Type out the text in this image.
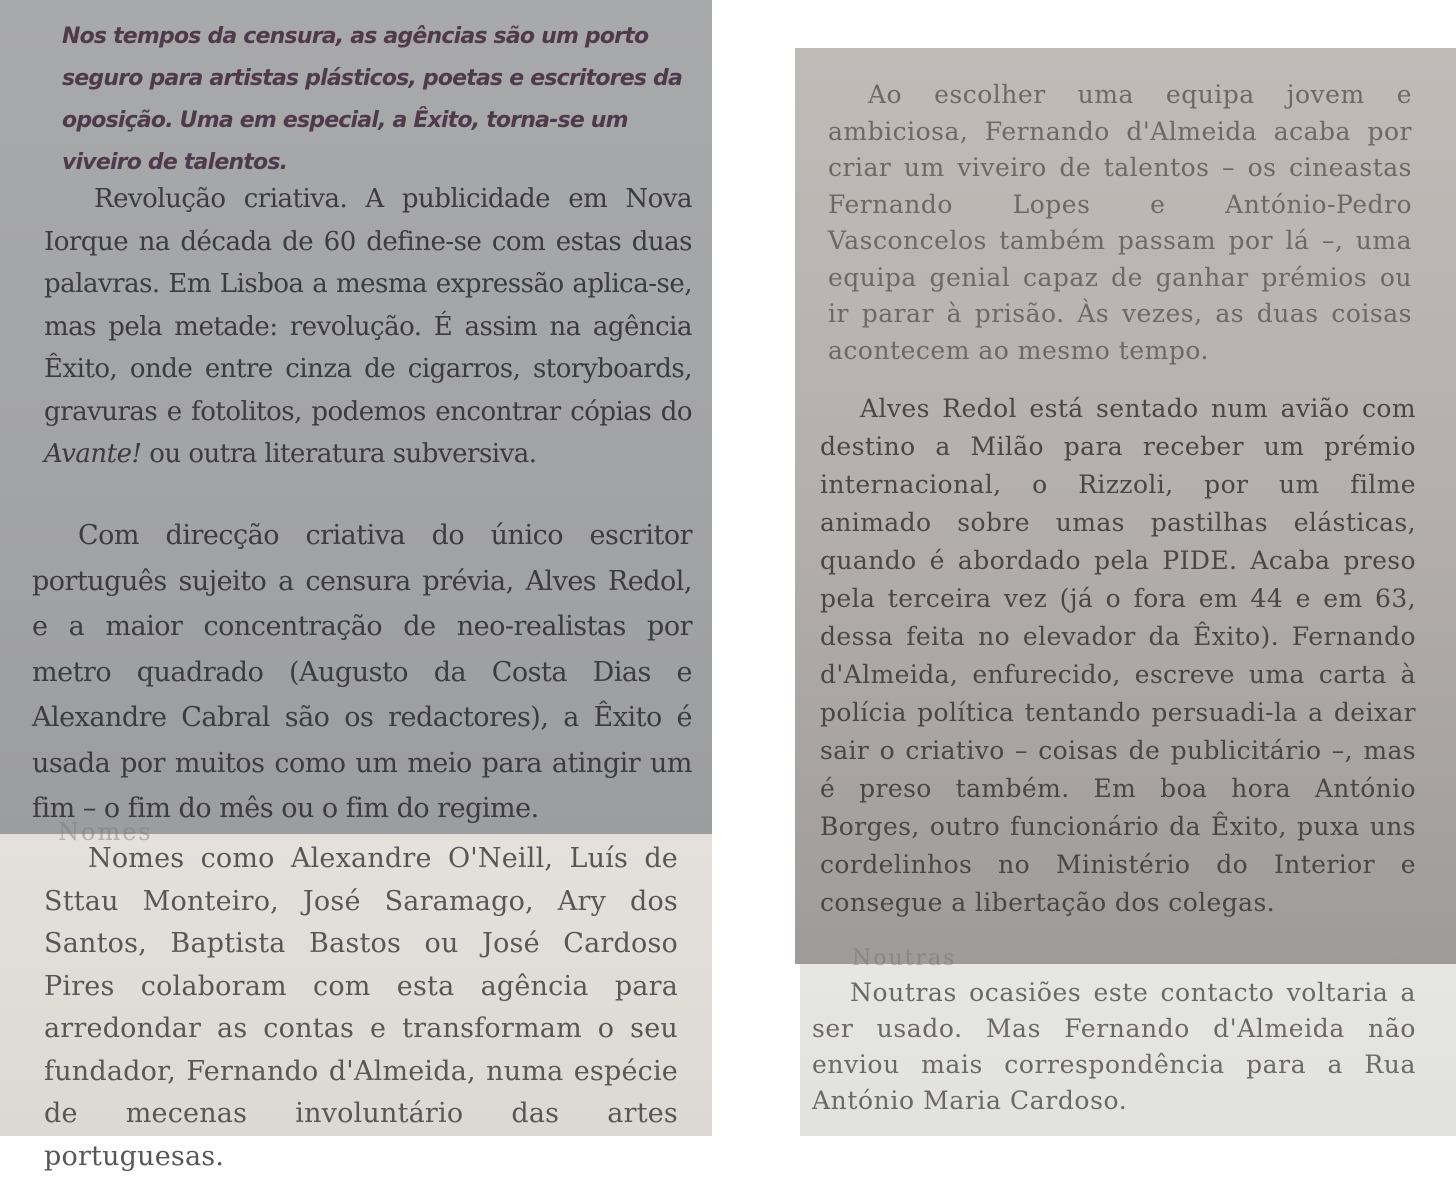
Nos tempos da censura, as agências são um porto seguro para artistas plásticos, poetas e escritores da oposição. Uma em especial, a Êxito, torna-se um viveiro de talentos.

Revolução criativa. A publicidade em Nova Iorque na década de 60 define-se com estas duas palavras. Em Lisboa a mesma expressão aplica-se, mas pela metade: revolução. É assim na agência Êxito, onde entre cinza de cigarros, storyboards, gravuras e fotolitos, podemos encontrar cópias do Avante! ou outra literatura subversiva.

Com direcção criativa do único escritor português sujeito a censura prévia, Alves Redol, e a maior concentração de neo-realistas por metro quadrado (Augusto da Costa Dias e Alexandre Cabral são os redactores), a Êxito é usada por muitos como um meio para atingir um fim – o fim do mês ou o fim do regime.

Nomes

Nomes como Alexandre O'Neill, Luís de Sttau Monteiro, José Saramago, Ary dos Santos, Baptista Bastos ou José Cardoso Pires colaboram com esta agência para arredondar as contas e transformam o seu fundador, Fernando d'Almeida, numa espécie de mecenas involuntário das artes portuguesas.

Ao escolher uma equipa jovem e ambiciosa, Fernando d'Almeida acaba por criar um viveiro de talentos – os cineastas Fernando Lopes e António-Pedro Vasconcelos também passam por lá –, uma equipa genial capaz de ganhar prémios ou ir parar à prisão. Às vezes, as duas coisas acontecem ao mesmo tempo.

Alves Redol está sentado num avião com destino a Milão para receber um prémio internacional, o Rizzoli, por um filme animado sobre umas pastilhas elásticas, quando é abordado pela PIDE. Acaba preso pela terceira vez (já o fora em 44 e em 63, dessa feita no elevador da Êxito). Fernando d'Almeida, enfurecido, escreve uma carta à polícia política tentando persuadi-la a deixar sair o criativo – coisas de publicitário –, mas é preso também. Em boa hora António Borges, outro funcionário da Êxito, puxa uns cordelinhos no Ministério do Interior e consegue a libertação dos colegas.

Noutras

Noutras ocasiões este contacto voltaria a ser usado. Mas Fernando d'Almeida não enviou mais correspondência para a Rua António Maria Cardoso.
